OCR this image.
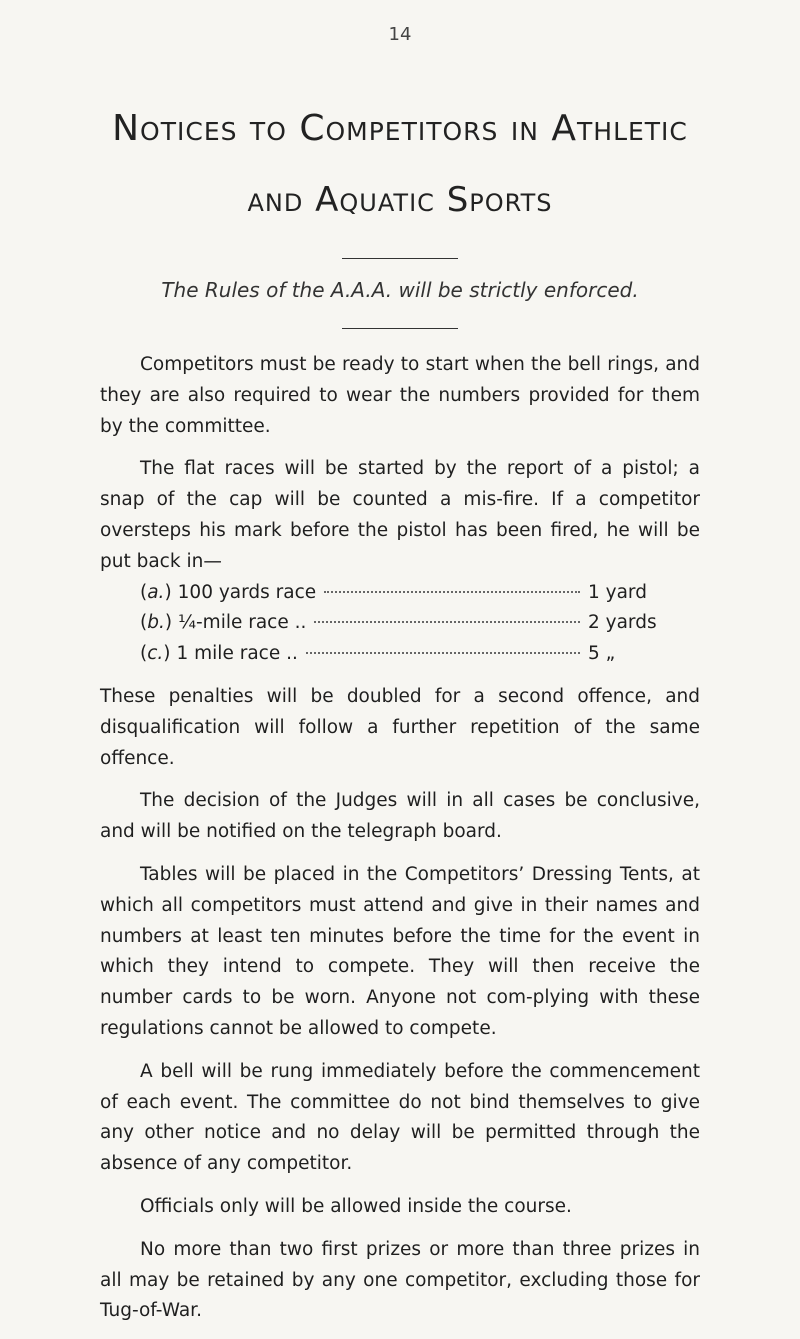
14
Notices to Competitors in Athletic
and Aquatic Sports

The Rules of the A.A.A. will be strictly enforced.

Competitors must be ready to start when the bell rings, and they are also required to wear the numbers provided for them by the committee.

The flat races will be started by the report of a pistol; a snap of the cap will be counted a mis-fire. If a competitor oversteps his mark before the pistol has been fired, he will be put back in—

(a.) 100 yards race	1 yard
(b.) ¼-mile race ..	2 yards
(c.) 1 mile race ..	5 „

These penalties will be doubled for a second offence, and disqualification will follow a further repetition of the same offence.

The decision of the Judges will in all cases be conclusive, and will be notified on the telegraph board.

Tables will be placed in the Competitors’ Dressing Tents, at which all competitors must attend and give in their names and numbers at least ten minutes before the time for the event in which they intend to compete. They will then receive the number cards to be worn. Anyone not com-plying with these regulations cannot be allowed to compete.

A bell will be rung immediately before the commencement of each event. The committee do not bind themselves to give any other notice and no delay will be permitted through the absence of any competitor.

Officials only will be allowed inside the course.

No more than two first prizes or more than three prizes in all may be retained by any one competitor, excluding those for Tug-of-War.
